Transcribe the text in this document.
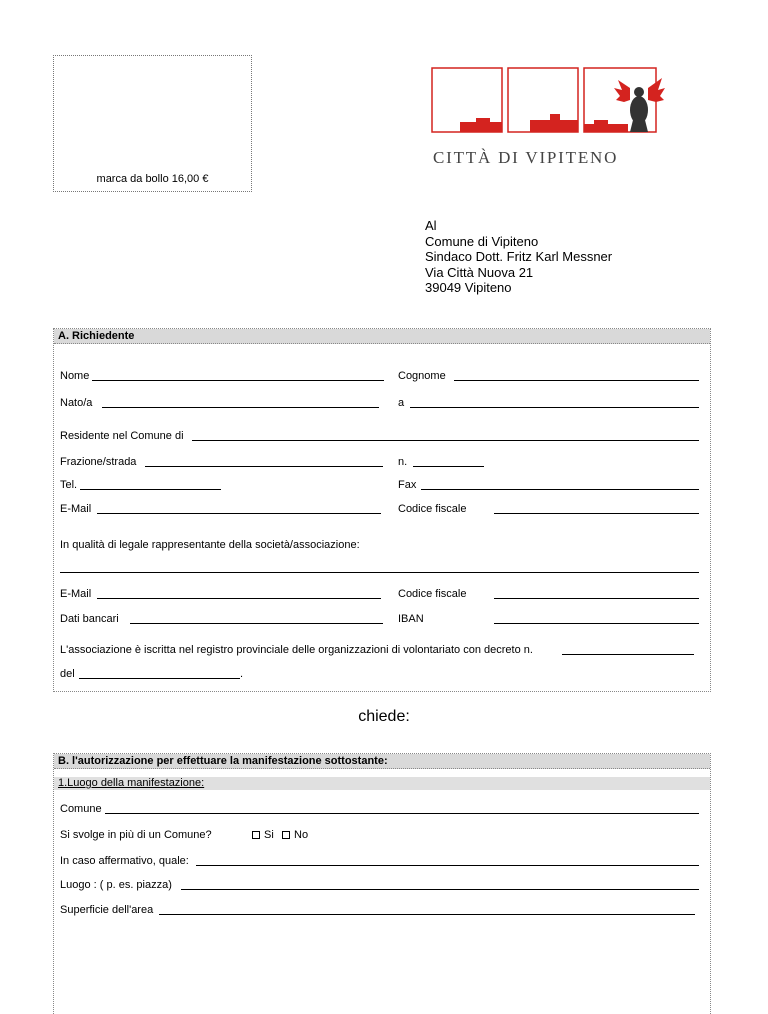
marca da bollo 16,00 €
CITTÀ DI VIPITENO
Al
Comune di Vipiteno
Sindaco Dott. Fritz Karl Messner
Via Città Nuova 21
39049 Vipiteno
A. Richiedente
Nome	Cognome
Nato/a	a
Residente nel Comune di
Frazione/strada	n.
Tel.	Fax
E-Mail	Codice fiscale
In qualità di legale rappresentante della società/associazione:
E-Mail	Codice fiscale
Dati bancari	IBAN
L'associazione è iscritta nel registro provinciale delle organizzazioni di volontariato con decreto n.
del	.
chiede:
B. l'autorizzazione per effettuare la manifestazione sottostante:
1.Luogo della manifestazione:
Comune
Si svolge in più di un Comune?	Si	No
In caso affermativo, quale:
Luogo : ( p. es. piazza)
Superficie dell'area
